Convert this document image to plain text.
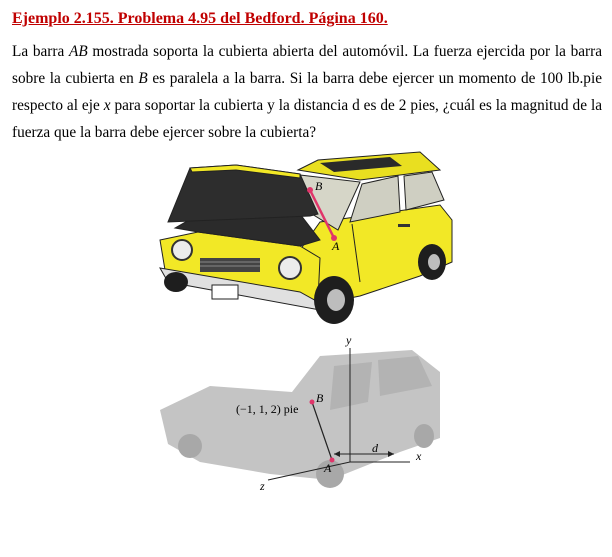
Ejemplo 2.155. Problema 4.95 del Bedford. Página 160.
La barra AB mostrada soporta la cubierta abierta del automóvil. La fuerza ejercida por la barra sobre la cubierta en B es paralela a la barra. Si la barra debe ejercer un momento de 100 lb.pie respecto al eje x para soportar la cubierta y la distancia d es de 2 pies, ¿cuál es la magnitud de la fuerza que la barra debe ejercer sobre la cubierta?
B
A
y
x
z
d
B
A
(−1, 1, 2) pie
